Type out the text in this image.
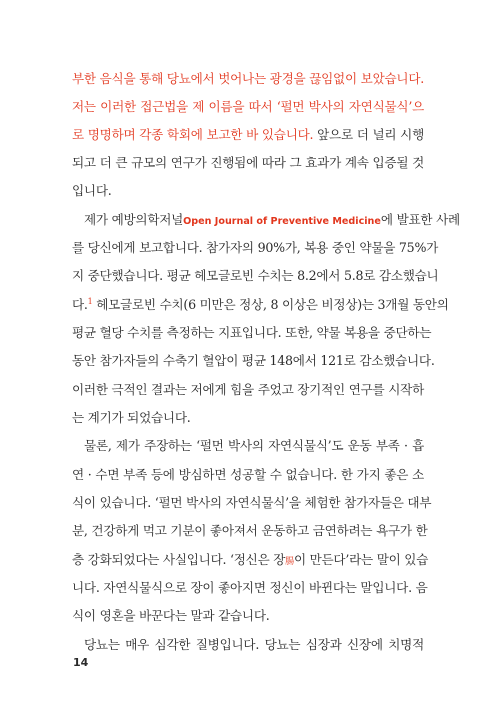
부한 음식을 통해 당뇨에서 벗어나는 광경을 끊임없이 보았습니다.
저는 이러한 접근법을 제 이름을 따서 ‘펄먼 박사의 자연식물식’으
로 명명하며 각종 학회에 보고한 바 있습니다. 앞으로 더 널리 시행
되고 더 큰 규모의 연구가 진행됨에 따라 그 효과가 계속 입증될 것
입니다.
제가 예방의학저널Open Journal of Preventive Medicine에 발표한 사례
를 당신에게 보고합니다. 참가자의 90%가, 복용 중인 약물을 75%가
지 중단했습니다. 평균 헤모글로빈 수치는 8.2에서 5.8로 감소했습니
다.$^1$ 헤모글로빈 수치(6 미만은 정상, 8 이상은 비정상)는 3개월 동안의
평균 혈당 수치를 측정하는 지표입니다. 또한, 약물 복용을 중단하는
동안 참가자들의 수축기 혈압이 평균 148에서 121로 감소했습니다.
이러한 극적인 결과는 저에게 힘을 주었고 장기적인 연구를 시작하
는 계기가 되었습니다.
물론, 제가 주장하는 ‘펄먼 박사의 자연식물식’도 운동 부족 · 흡
연 · 수면 부족 등에 방심하면 성공할 수 없습니다. 한 가지 좋은 소
식이 있습니다. ‘펄먼 박사의 자연식물식’을 체험한 참가자들은 대부
분, 건강하게 먹고 기분이 좋아져서 운동하고 금연하려는 욕구가 한
층 강화되었다는 사실입니다. ‘정신은 장腸이 만든다’라는 말이 있습
니다. 자연식물식으로 장이 좋아지면 정신이 바뀐다는 말입니다. 음
식이 영혼을 바꾼다는 말과 같습니다.
당뇨는 매우 심각한 질병입니다. 당뇨는 심장과 신장에 치명적
14
